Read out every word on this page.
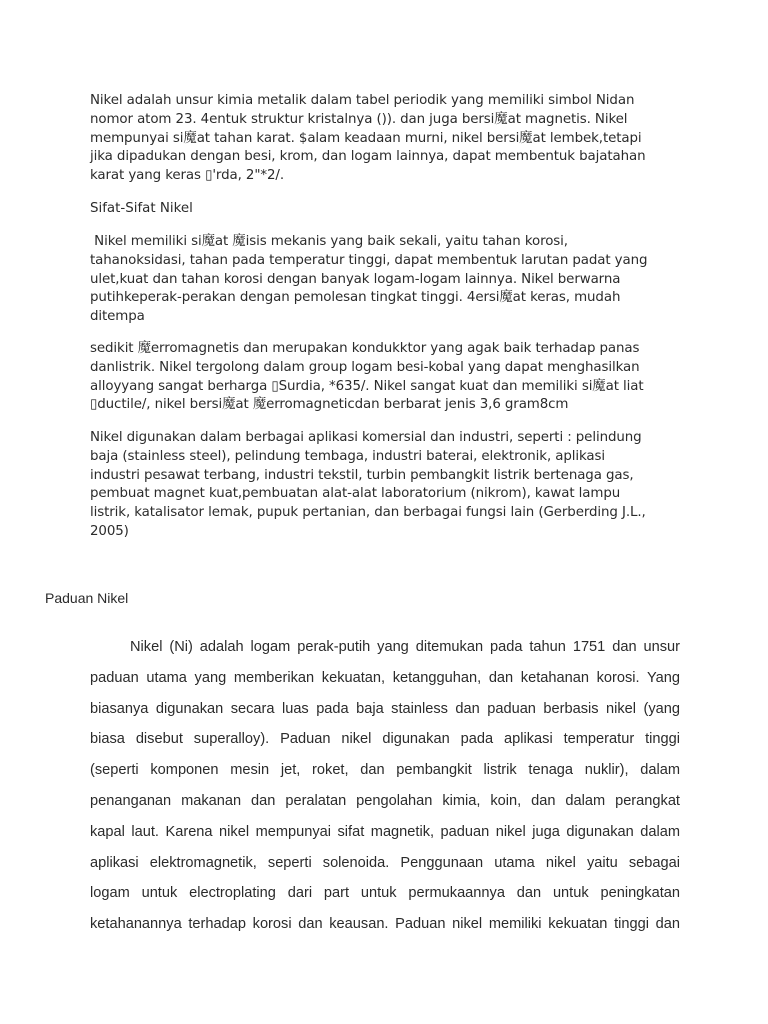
Nikel adalah unsur kimia metalik dalam tabel periodik yang memiliki simbol Nidan
nomor atom 23. 4entuk struktur kristalnya ()). dan juga bersi魔at magnetis. Nikel
mempunyai si魔at tahan karat. $alam keadaan murni, nikel bersi魔at lembek,tetapi
jika dipadukan dengan besi, krom, dan logam lainnya, dapat membentuk bajatahan
karat yang keras ▯'rda, 2"*2/.

Sifat-Sifat Nikel

Nikel memiliki si魔at 魔isis mekanis yang baik sekali, yaitu tahan korosi,
tahanoksidasi, tahan pada temperatur tinggi, dapat membentuk larutan padat yang
ulet,kuat dan tahan korosi dengan banyak logam-logam lainnya. Nikel berwarna
putihkeperak-perakan dengan pemolesan tingkat tinggi. 4ersi魔at keras, mudah
ditempa
sedikit 魔erromagnetis dan merupakan kondukktor yang agak baik terhadap panas
danlistrik. Nikel tergolong dalam group logam besi-kobal yang dapat menghasilkan
alloyyang sangat berharga ▯Surdia, *635/. Nikel sangat kuat dan memiliki si魔at liat
▯ductile/, nikel bersi魔at 魔erromagneticdan berbarat jenis 3,6 gram8cm
Nikel digunakan dalam berbagai aplikasi komersial dan industri, seperti : pelindung
baja (stainless steel), pelindung tembaga, industri baterai, elektronik, aplikasi
industri pesawat terbang, industri tekstil, turbin pembangkit listrik bertenaga gas,
pembuat magnet kuat,pembuatan alat-alat laboratorium (nikrom), kawat lampu
listrik, katalisator lemak, pupuk pertanian, dan berbagai fungsi lain (Gerberding J.L.,
2005)

Paduan Nikel

Nikel (Ni) adalah logam perak-putih yang ditemukan pada tahun 1751 dan unsur
paduan utama yang memberikan kekuatan, ketangguhan, dan ketahanan korosi. Yang
biasanya digunakan secara luas pada baja stainless dan paduan berbasis nikel (yang
biasa disebut superalloy). Paduan nikel digunakan pada aplikasi temperatur tinggi
(seperti komponen mesin jet, roket, dan pembangkit listrik tenaga nuklir), dalam
penanganan makanan dan peralatan pengolahan kimia, koin, dan dalam perangkat
kapal laut. Karena nikel mempunyai sifat magnetik, paduan nikel juga digunakan dalam
aplikasi elektromagnetik, seperti solenoida. Penggunaan utama nikel yaitu sebagai
logam untuk electroplating dari part untuk permukaannya dan untuk peningkatan
ketahanannya terhadap korosi dan keausan. Paduan nikel memiliki kekuatan tinggi dan
